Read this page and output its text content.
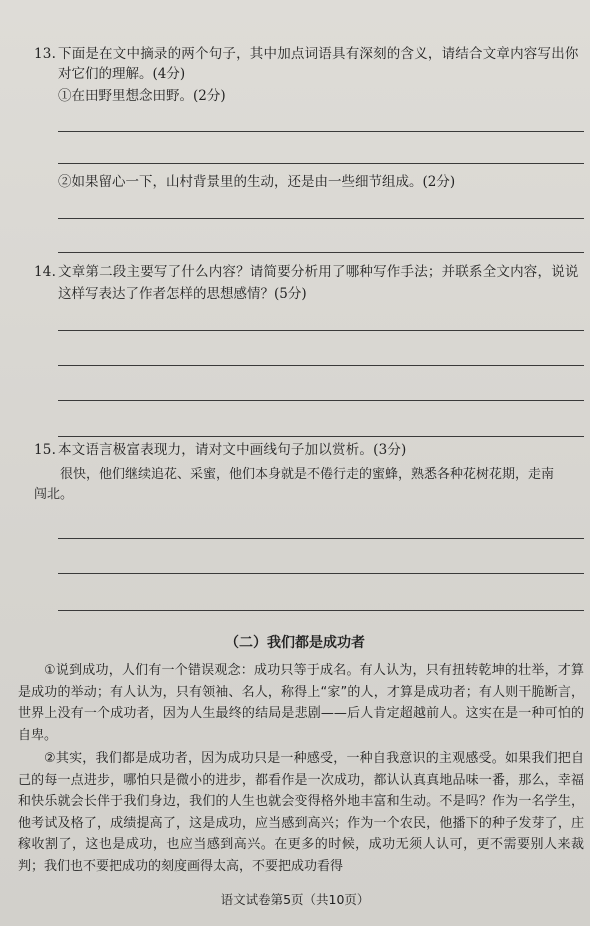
13. 下面是在文中摘录的两个句子，其中加点词语具有深刻的含义，请结合文章内容写出你
对它们的理解。(4分)
①在田野里想念田野。(2分)
②如果留心一下，山村背景里的生动，还是由一些细节组成。(2分)
14. 文章第二段主要写了什么内容？请简要分析用了哪种写作手法；并联系全文内容，说说
这样写表达了作者怎样的思想感情？(5分)
15. 本文语言极富表现力，请对文中画线句子加以赏析。(3分)
很快，他们继续追花、采蜜，他们本身就是不倦行走的蜜蜂，熟悉各种花树花期，走南
闯北。
（二）我们都是成功者
①说到成功，人们有一个错误观念：成功只等于成名。有人认为，只有扭转乾坤的壮举，才算是成功的举动；有人认为，只有领袖、名人，称得上“家”的人，才算是成功者；有人则干脆断言，世界上没有一个成功者，因为人生最终的结局是悲剧——后人肯定超越前人。这实在是一种可怕的自卑。
②其实，我们都是成功者，因为成功只是一种感受，一种自我意识的主观感受。如果我们把自己的每一点进步，哪怕只是微小的进步，都看作是一次成功，都认认真真地品味一番，那么，幸福和快乐就会长伴于我们身边，我们的人生也就会变得格外地丰富和生动。不是吗？作为一名学生，他考试及格了，成绩提高了，这是成功，应当感到高兴；作为一个农民，他播下的种子发芽了，庄稼收割了，这也是成功，也应当感到高兴。在更多的时候，成功无须人认可，更不需要别人来裁判；我们也不要把成功的刻度画得太高，不要把成功看得
语文试卷第5页（共10页）
